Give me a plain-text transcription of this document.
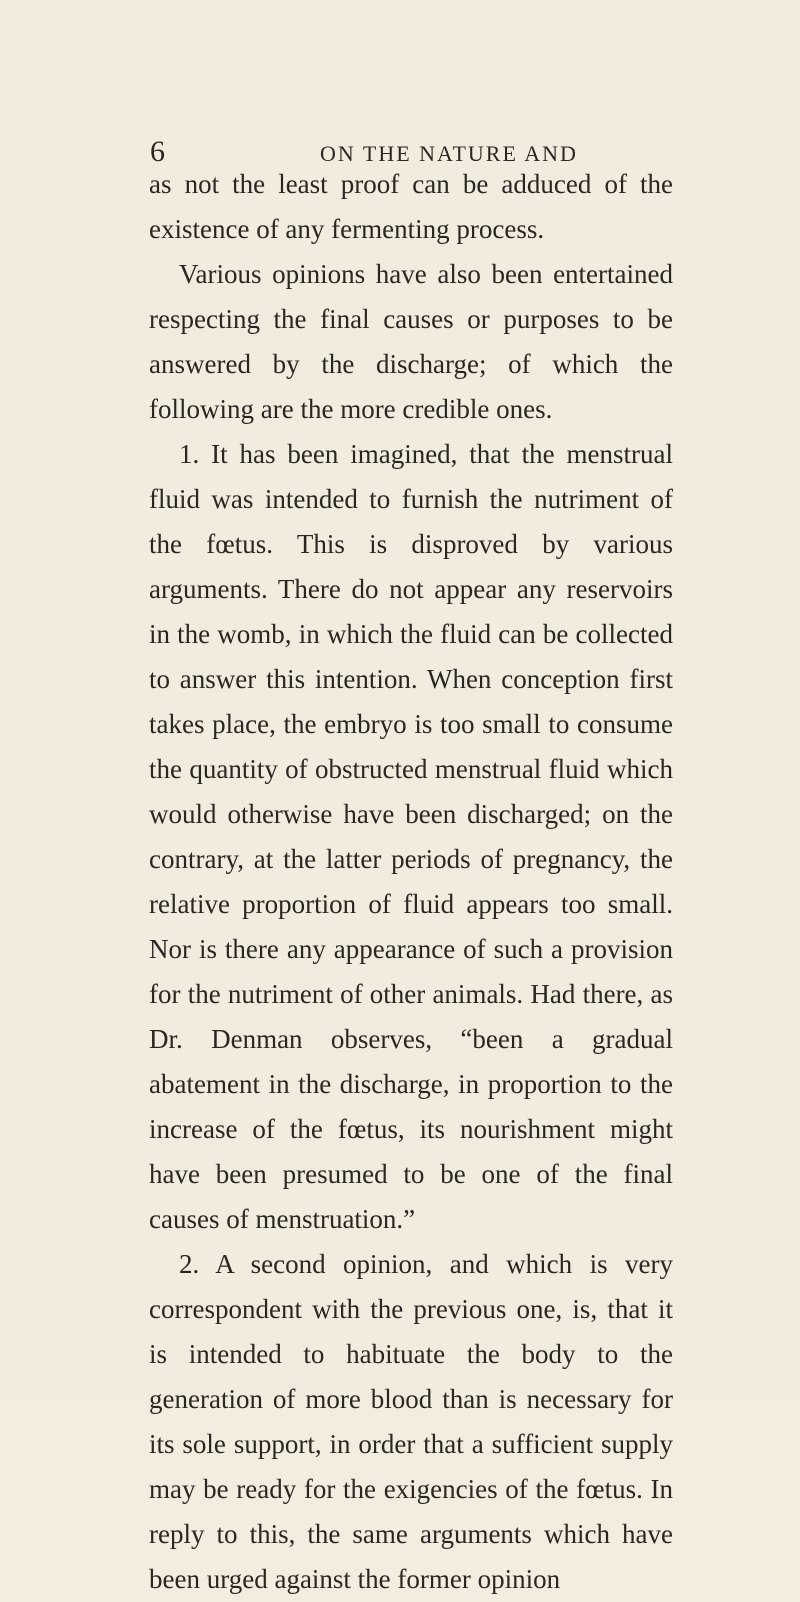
6	ON THE NATURE AND

as not the least proof can be adduced of the existence of any fermenting process.

Various opinions have also been entertained respecting the final causes or purposes to be answered by the discharge; of which the following are the more credible ones.

1. It has been imagined, that the menstrual fluid was intended to furnish the nutriment of the fœtus. This is disproved by various arguments. There do not appear any reservoirs in the womb, in which the fluid can be collected to answer this intention. When conception first takes place, the embryo is too small to consume the quantity of obstructed menstrual fluid which would otherwise have been discharged; on the contrary, at the latter periods of pregnancy, the relative proportion of fluid appears too small. Nor is there any appearance of such a provision for the nutriment of other animals. Had there, as Dr. Denman observes, “been a gradual abatement in the discharge, in proportion to the increase of the fœtus, its nourishment might have been presumed to be one of the final causes of menstruation.”

2. A second opinion, and which is very correspondent with the previous one, is, that it is intended to habituate the body to the generation of more blood than is necessary for its sole support, in order that a sufficient supply may be ready for the exigencies of the fœtus. In reply to this, the same arguments which have been urged against the former opinion
